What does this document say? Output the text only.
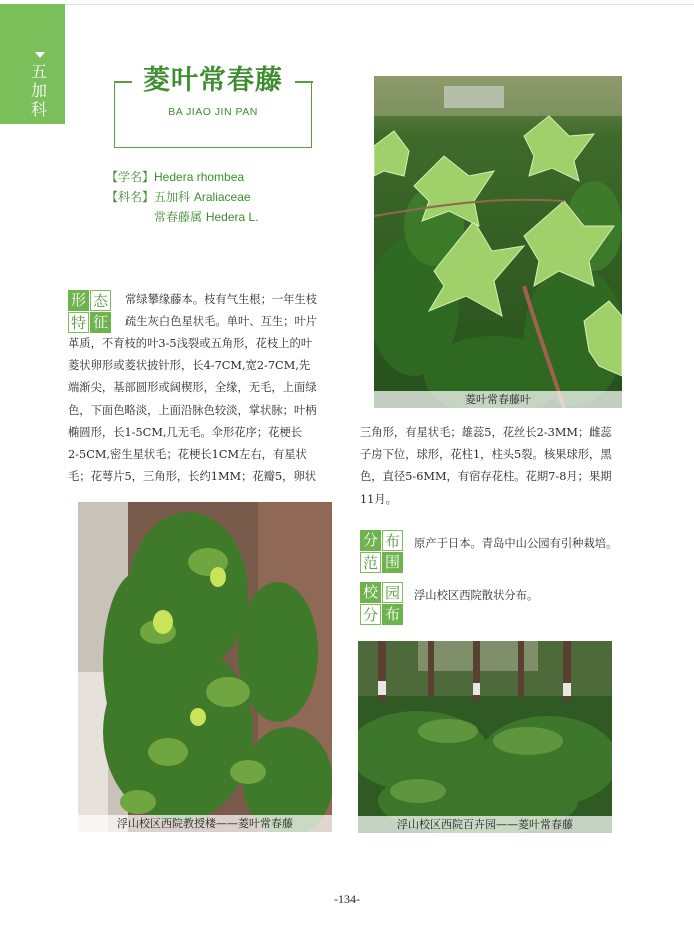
五加科
菱叶常春藤
BA JIAO JIN PAN
【学名】Hedera rhombea
【科名】五加科 Araliaceae
常春藤属 Hedera L.
形 态
特 征
常绿攀缘藤本。枝有气生根；一年生枝
疏生灰白色星状毛。单叶、互生；叶片
革质，不育枝的叶3-5浅裂或五角形，花枝上的叶
菱状卵形或菱状披针形，长4-7CM,宽2-7CM,先
端渐尖，基部圆形或阔楔形，全缘，无毛，上面绿
色，下面色略淡，上面沿脉色较淡，掌状脉；叶柄
椭圆形，长1-5CM,几无毛。伞形花序；花梗长
2-5CM,密生星状毛；花梗长1CM左右，有星状
毛；花萼片5，三角形，长约1MM；花瓣5，卵状
三角形，有星状毛；雄蕊5，花丝长2-3MM；雌蕊
子房下位，球形，花柱1，柱头5裂。核果球形，黑
色，直径5-6MM，有宿存花柱。花期7-8月；果期
11月。
分 布
范 围
原产于日本。青岛中山公园有引种栽培。
校 园
分 布
浮山校区西院散状分布。
菱叶常春藤叶
浮山校区西院教授楼——菱叶常春藤	浮山校区西院百卉园——菱叶常春藤
-134-
